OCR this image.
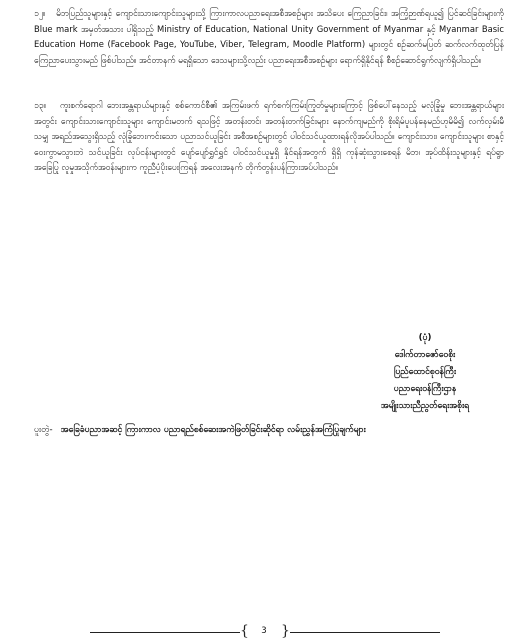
၁၂။ မိဘပြည်သူများနှင့် ကျောင်းသားကျောင်းသူများသို့ ကြားကာလပညာရေးအစီအစဉ်များ အသိပေး ကြေညာခြင်း၊ အကြံ့ဉာဏ်ရယူ၍ ပြင်ဆင်ခြင်းများကို Blue mark အမှတ်အသား ပါရှိသည့် Ministry of Education, National Unity Government of Myanmar နှင့် Myanmar Basic Education Home (Facebook Page, YouTube, Viber, Telegram, Moodle Platform) များတွင် စဉ်ဆက်မပြတ် ဆက်လက်ထုတ်ပြန် ကြေညာပေးသွားမည် ဖြစ်ပါသည်။ အင်တာနက် မရရှိသော ဒေသများသို့လည်း ပညာရေးအစီအစဉ်များ ရောက်ရှိနိုင်ရန် စီစဉ်ဆောင်ရွက်လျက်ရှိပါသည်။

၁၃။ ကူးစက်ရောဂါ ဘေးအန္တရာယ်များနှင့် စစ်ကောင်စီ၏ အကြမ်းဖက် ရက်စက်ကြမ်းကြုတ်မှုများကြောင့် ဖြစ်ပေါ်နေသည့် မလုံခြုံမှု ဘေးအန္တရာယ်များအတွင်း ကျောင်းသားကျောင်းသူများ ကျောင်းမတက် ရသဖြင့် အတန်းတင်၊ အတန်းတက်ခြင်းများ နောက်ကျမည်ကို စိုးရိမ်ပူပန်နေမည်ဟုမိမိ၍ လက်လှမ်းမီသမျှ အရည်အသွေးရှိသည့် လုံခြုံဘေးကင်းသော ပညာသင်ယူခြင်း အစီအစဉ်များတွင် ပါဝင်သင်ယူထားရန်လိုအပ်ပါသည်။ ကျောင်းသား၊ ကျောင်းသူများ စာနှင့်ဝေးကွာမသွားဘဲ သင်ယူခြင်း လုပ်ငန်းများတွင် ပျော်ပျော်ရွှင်ရွှင် ပါဝင်သင်ယူမှုရှိ နိုင်ရန်အတွက် ရှိရှိ ကုန်ဆုံးသွားစေရန် မိဘ၊ အုပ်ထိန်းသူများနှင့် ရပ်ရွာအခြေပြု လူမှုအသိုက်အဝန်းများက ကူညီပံ့ပိုးပေးကြရန် အလေးအနက် တိုက်တွန်းပန်ကြားအပ်ပါသည်။

(ပုံ)
ဒေါက်တာဇော်ဝေစိုး
ပြည်ထောင်စုဝန်ကြီး
ပညာရေးဝန်ကြီးဌာန
အမျိုးသားညီညွတ်ရေးအစိုးရ
ပူးတွဲ- အခြေခံပညာအဆင့် ကြားကာလ ပညာရည်စစ်ဆေးအကဲဖြတ်ခြင်းဆိုင်ရာ လမ်းညွှန်အကြံပြုချက်များ
{	3	}
